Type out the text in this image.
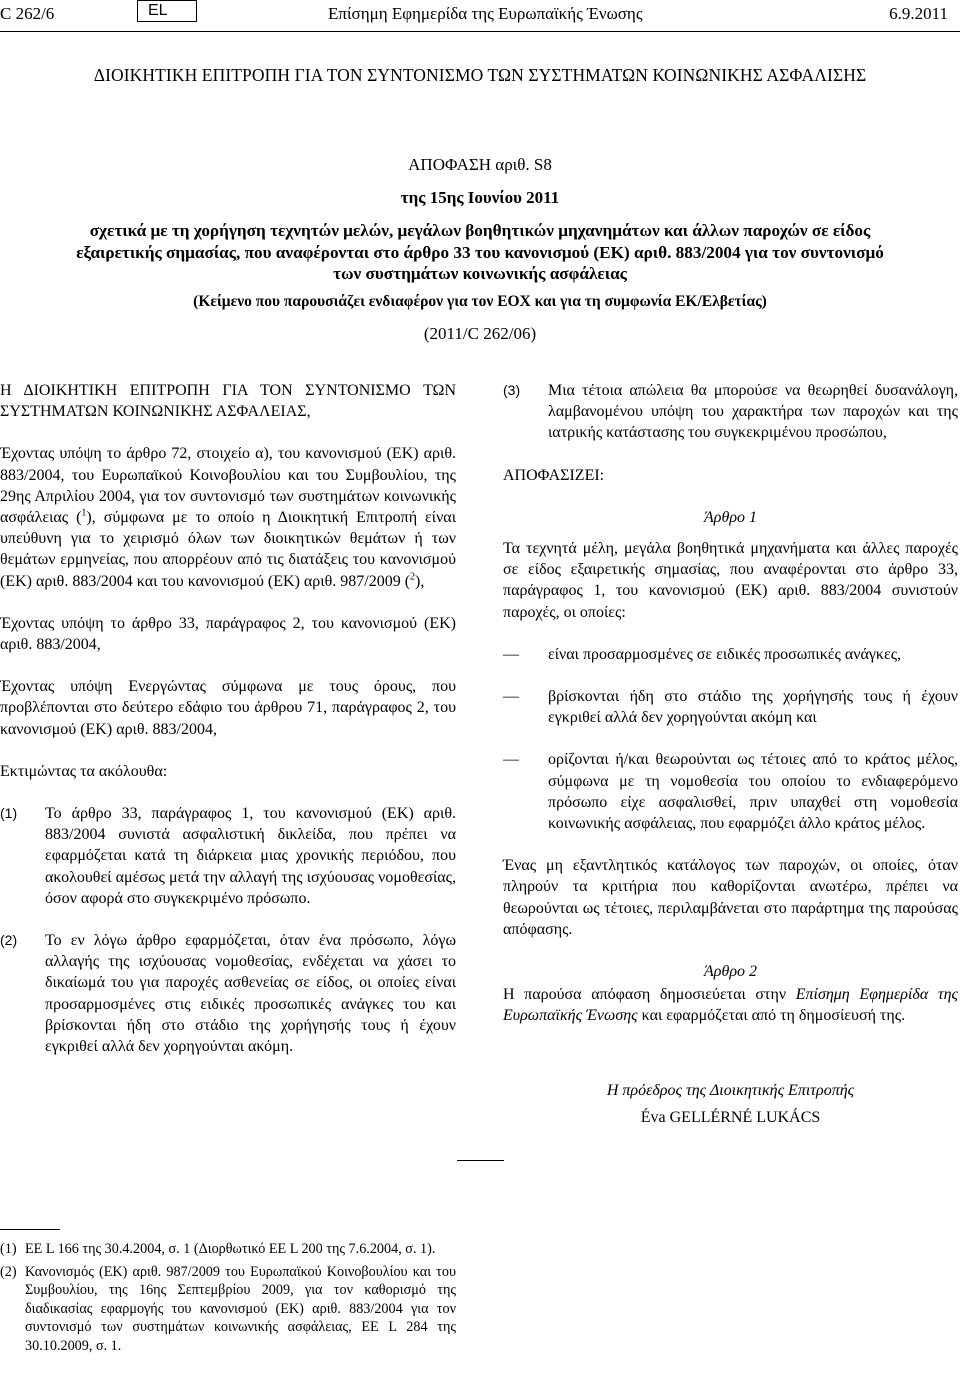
C 262/6	EL	Επίσημη Εφημερίδα της Ευρωπαϊκής Ένωσης	6.9.2011
ΔΙΟΙΚΗΤΙΚΗ ΕΠΙΤΡΟΠΗ ΓΙΑ ΤΟΝ ΣΥΝΤΟΝΙΣΜΟ ΤΩΝ ΣΥΣΤΗΜΑΤΩΝ ΚΟΙΝΩΝΙΚΗΣ ΑΣΦΑΛΙΣΗΣ
ΑΠΟΦΑΣΗ αριθ. S8
της 15ης Ιουνίου 2011
σχετικά με τη χορήγηση τεχνητών μελών, μεγάλων βοηθητικών μηχανημάτων και άλλων παροχών σε είδος εξαιρετικής σημασίας, που αναφέρονται στο άρθρο 33 του κανονισμού (ΕΚ) αριθ. 883/2004 για τον συντονισμό των συστημάτων κοινωνικής ασφάλειας
(Κείμενο που παρουσιάζει ενδιαφέρον για τον ΕΟΧ και για τη συμφωνία ΕΚ/Ελβετίας)
(2011/C 262/06)

Η ΔΙΟΙΚΗΤΙΚΗ ΕΠΙΤΡΟΠΗ ΓΙΑ ΤΟΝ ΣΥΝΤΟΝΙΣΜΟ ΤΩΝ ΣΥΣΤΗΜΑΤΩΝ ΚΟΙΝΩΝΙΚΗΣ ΑΣΦΑΛΕΙΑΣ,

Έχοντας υπόψη το άρθρο 72, στοιχείο α), του κανονισμού (ΕΚ) αριθ. 883/2004, του Ευρωπαϊκού Κοινοβουλίου και του Συμβουλίου, της 29ης Απριλίου 2004, για τον συντονισμό των συστημάτων κοινωνικής ασφάλειας ($^1$), σύμφωνα με το οποίο η Διοικητική Επιτροπή είναι υπεύθυνη για το χειρισμό όλων των διοικητικών θεμάτων ή των θεμάτων ερμηνείας, που απορρέουν από τις διατάξεις του κανονισμού (ΕΚ) αριθ. 883/2004 και του κανονισμού (ΕΚ) αριθ. 987/2009 ($^2$),

Έχοντας υπόψη το άρθρο 33, παράγραφος 2, του κανονισμού (ΕΚ) αριθ. 883/2004,

Έχοντας υπόψη Ενεργώντας σύμφωνα με τους όρους, που προβλέπονται στο δεύτερο εδάφιο του άρθρου 71, παράγραφος 2, του κανονισμού (ΕΚ) αριθ. 883/2004,

Εκτιμώντας τα ακόλουθα:

(1) Το άρθρο 33, παράγραφος 1, του κανονισμού (ΕΚ) αριθ. 883/2004 συνιστά ασφαλιστική δικλείδα, που πρέπει να εφαρμόζεται κατά τη διάρκεια μιας χρονικής περιόδου, που ακολουθεί αμέσως μετά την αλλαγή της ισχύουσας νομοθεσίας, όσον αφορά στο συγκεκριμένο πρόσωπο.
(2) Το εν λόγω άρθρο εφαρμόζεται, όταν ένα πρόσωπο, λόγω αλλαγής της ισχύουσας νομοθεσίας, ενδέχεται να χάσει το δικαίωμά του για παροχές ασθενείας σε είδος, οι οποίες είναι προσαρμοσμένες στις ειδικές προσωπικές ανάγκες του και βρίσκονται ήδη στο στάδιο της χορήγησής τους ή έχουν εγκριθεί αλλά δεν χορηγούνται ακόμη.
(3) Μια τέτοια απώλεια θα μπορούσε να θεωρηθεί δυσανάλογη, λαμβανομένου υπόψη του χαρακτήρα των παροχών και της ιατρικής κατάστασης του συγκεκριμένου προσώπου,

ΑΠΟΦΑΣΙΖΕΙ:

Άρθρο 1

Τα τεχνητά μέλη, μεγάλα βοηθητικά μηχανήματα και άλλες παροχές σε είδος εξαιρετικής σημασίας, που αναφέρονται στο άρθρο 33, παράγραφος 1, του κανονισμού (ΕΚ) αριθ. 883/2004 συνιστούν παροχές, οι οποίες:

— είναι προσαρμοσμένες σε ειδικές προσωπικές ανάγκες,
— βρίσκονται ήδη στο στάδιο της χορήγησής τους ή έχουν εγκριθεί αλλά δεν χορηγούνται ακόμη και
— ορίζονται ή/και θεωρούνται ως τέτοιες από το κράτος μέλος, σύμφωνα με τη νομοθεσία του οποίου το ενδιαφερόμενο πρόσωπο είχε ασφαλισθεί, πριν υπαχθεί στη νομοθεσία κοινωνικής ασφάλειας, που εφαρμόζει άλλο κράτος μέλος.

Ένας μη εξαντλητικός κατάλογος των παροχών, οι οποίες, όταν πληρούν τα κριτήρια που καθορίζονται ανωτέρω, πρέπει να θεωρούνται ως τέτοιες, περιλαμβάνεται στο παράρτημα της παρούσας απόφασης.

Άρθρο 2

Η παρούσα απόφαση δημοσιεύεται στην Επίσημη Εφημερίδα της Ευρωπαϊκής Ένωσης και εφαρμόζεται από τη δημοσίευσή της.

Η πρόεδρος της Διοικητικής Επιτροπής

Éva GELLÉRNÉ LUKÁCS

(1) ΕΕ L 166 της 30.4.2004, σ. 1 (Διορθωτικό ΕΕ L 200 της 7.6.2004, σ. 1).
(2) Κανονισμός (ΕΚ) αριθ. 987/2009 του Ευρωπαϊκού Κοινοβουλίου και του Συμβουλίου, της 16ης Σεπτεμβρίου 2009, για τον καθορισμό της διαδικασίας εφαρμογής του κανονισμού (ΕΚ) αριθ. 883/2004 για τον συντονισμό των συστημάτων κοινωνικής ασφάλειας, ΕΕ L 284 της 30.10.2009, σ. 1.
